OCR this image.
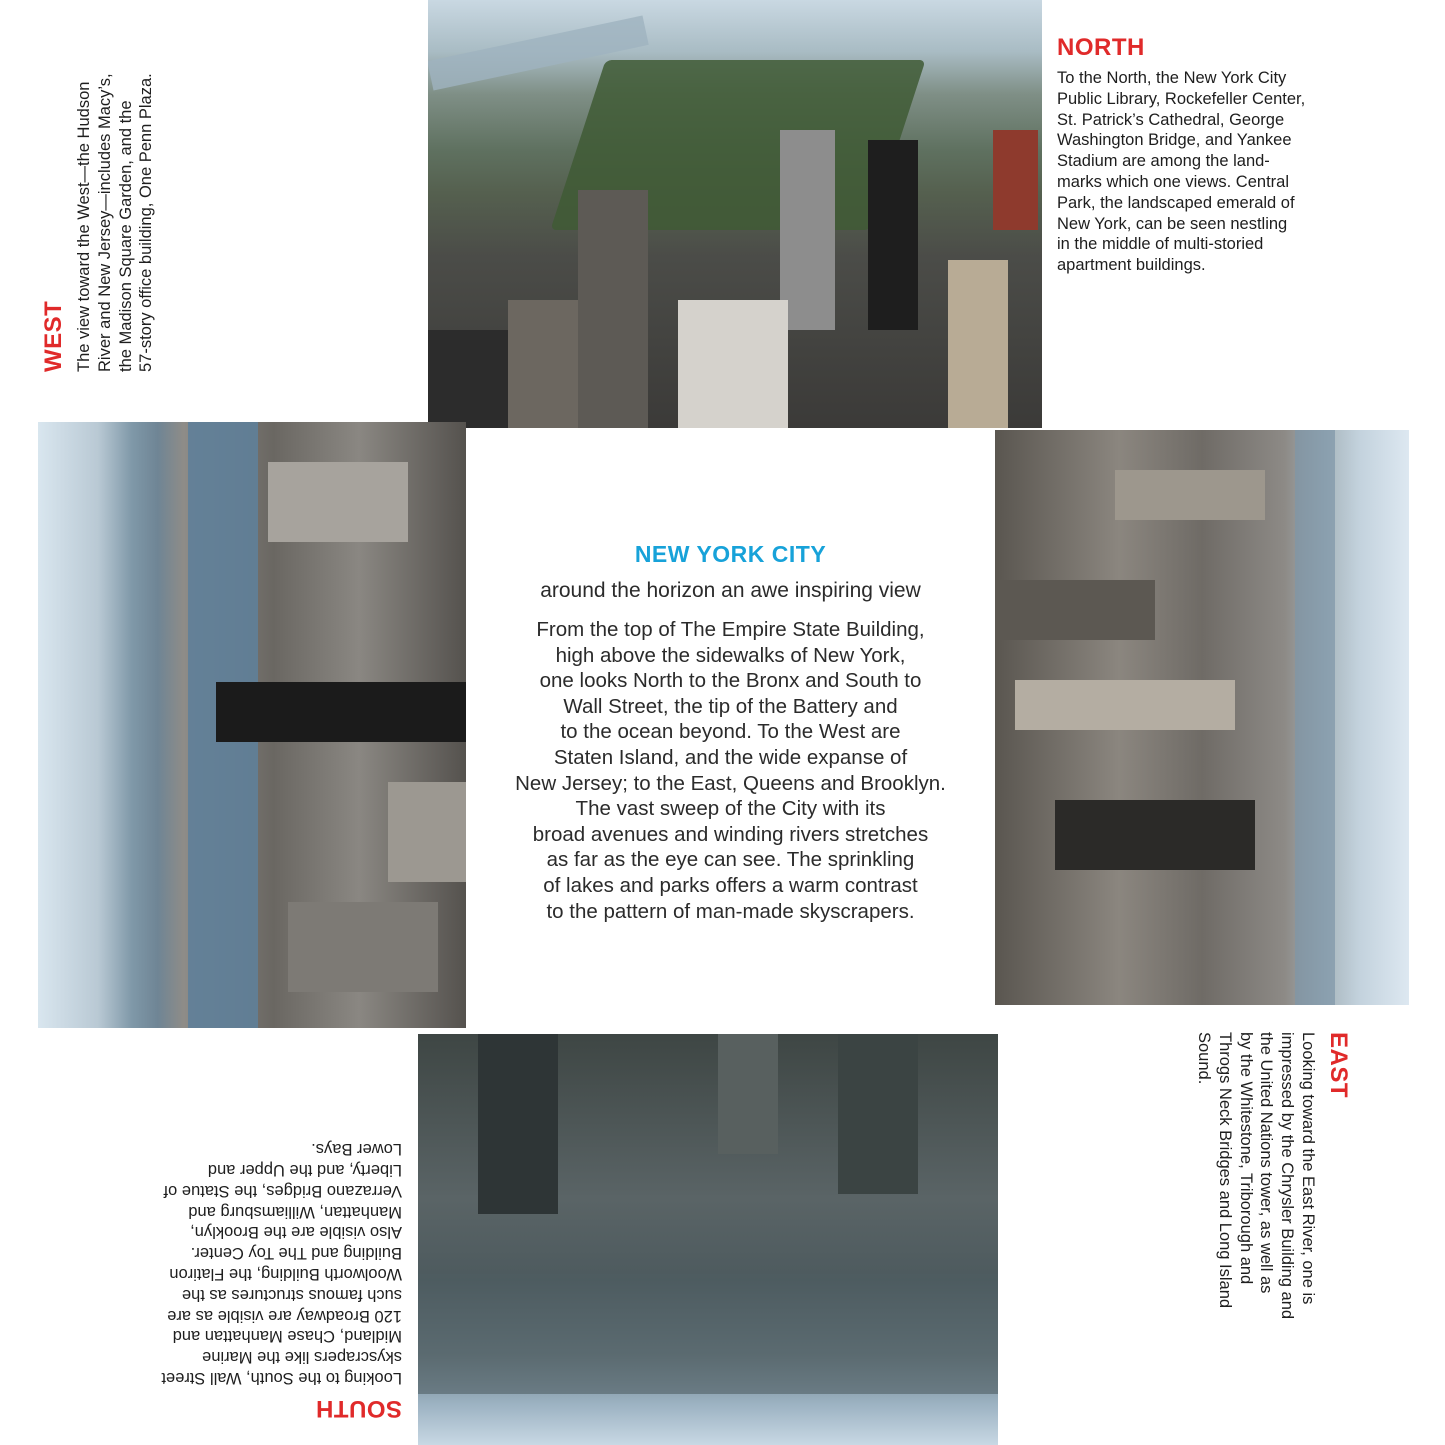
NEW YORK CITY
around the horizon an awe inspiring view
From the top of The Empire State Building,
high above the sidewalks of New York,
one looks North to the Bronx and South to
Wall Street, the tip of the Battery and
to the ocean beyond. To the West are
Staten Island, and the wide expanse of
New Jersey; to the East, Queens and Brooklyn.
The vast sweep of the City with its
broad avenues and winding rivers stretches
as far as the eye can see. The sprinkling
of lakes and parks offers a warm contrast
to the pattern of man-made skyscrapers.
NORTH
To the North, the New York City
Public Library, Rockefeller Center,
St. Patrick’s Cathedral, George
Washington Bridge, and Yankee
Stadium are among the land-
marks which one views. Central
Park, the landscaped emerald of
New York, can be seen nestling
in the middle of multi-storied
apartment buildings.
WEST The view toward the West—the Hudson River and New Jersey—includes Macy’s, the Madison Square Garden, and the 57-story office building, One Penn Plaza.
EAST
Looking toward the East River, one is
impressed by the Chrysler Building and
the United Nations tower, as well as
by the Whitestone, Triborough and
Throgs Neck Bridges and Long Island
Sound.
SOUTH
Looking to the South, Wall Street
skyscrapers like the Marine
Midland, Chase Manhattan and
120 Broadway are visible as are
such famous structures as the
Woolworth Building, the Flatiron
Building and The Toy Center.
Also visible are the Brooklyn,
Manhattan, Williamsburg and
Verrazano Bridges, the Statue of
Liberty, and the Upper and
Lower Bays.
